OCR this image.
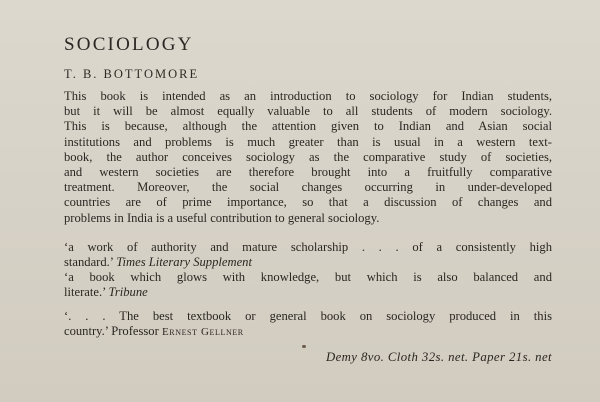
SOCIOLOGY
T. B. BOTTOMORE
This book is intended as an introduction to sociology for Indian students,
but it will be almost equally valuable to all students of modern sociology.
This is because, although the attention given to Indian and Asian social
institutions and problems is much greater than is usual in a western text-
book, the author conceives sociology as the comparative study of societies,
and western societies are therefore brought into a fruitfully comparative
treatment. Moreover, the social changes occurring in under-developed
countries are of prime importance, so that a discussion of changes and
problems in India is a useful contribution to general sociology.
‘a work of authority and mature scholarship . . . of a consistently high
standard.’ Times Literary Supplement
‘a book which glows with knowledge, but which is also balanced and
literate.’ Tribune
‘. . . The best textbook or general book on sociology produced in this
country.’ Professor Ernest Gellner
Demy 8vo. Cloth 32s. net. Paper 21s. net
